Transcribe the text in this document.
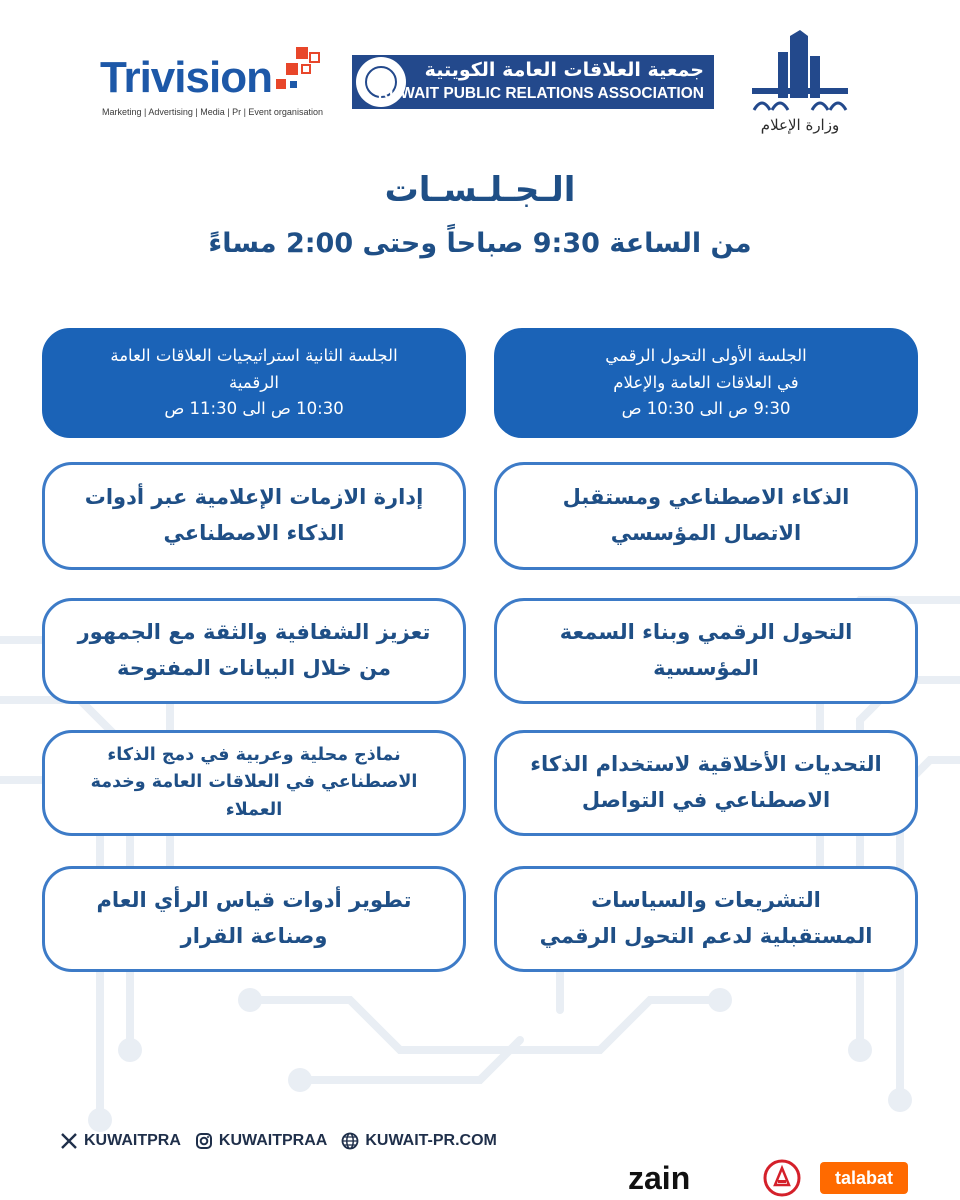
Trivision
Marketing | Advertising | Media | Pr | Event organisation
جمعية العلاقات العامة الكويتية
KUWAIT PUBLIC RELATIONS ASSOCIATION
وزارة الإعلام
الـجـلـسـات
من الساعة 9:30 صباحاً وحتى 2:00 مساءً
الجلسة الأولى التحول الرقمي
في العلاقات العامة والإعلام
9:30 ص الى 10:30 ص
الجلسة الثانية استراتيجيات العلاقات العامة
الرقمية
10:30 ص الى 11:30 ص
الذكاء الاصطناعي ومستقبل
الاتصال المؤسسي
التحول الرقمي وبناء السمعة
المؤسسية
التحديات الأخلاقية لاستخدام الذكاء
الاصطناعي في التواصل
التشريعات والسياسات
المستقبلية لدعم التحول الرقمي
إدارة الازمات الإعلامية عبر أدوات
الذكاء الاصطناعي
تعزيز الشفافية والثقة مع الجمهور
من خلال البيانات المفتوحة
نماذج محلية وعربية في دمج الذكاء
الاصطناعي في العلاقات العامة وخدمة
العملاء
تطوير أدوات قياس الرأي العام
وصناعة القرار
KUWAITPRA KUWAITPRAA KUWAIT-PR.COM
zain	talabat
